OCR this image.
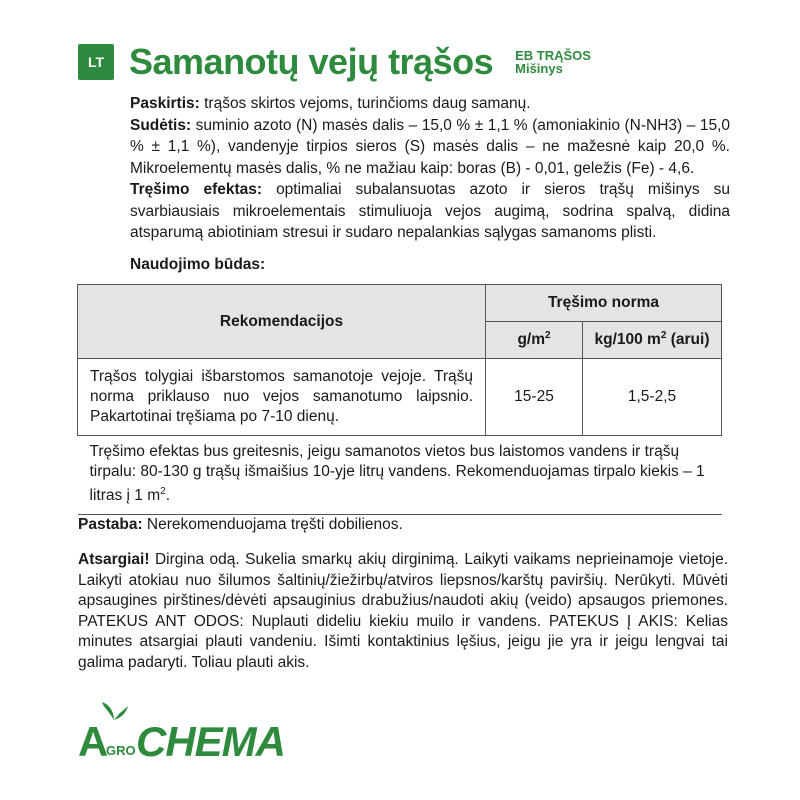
LT Samanotų vejų trąšos EB TRĄŠOS
Mišinys

Paskirtis: trąšos skirtos vejoms, turinčioms daug samanų.

Sudėtis: suminio azoto (N) masės dalis – 15,0 % ± 1,1 % (amoniakinio (N-NH3) – 15,0 % ± 1,1 %), vandenyje tirpios sieros (S) masės dalis – ne mažesnė kaip 20,0 %. Mikroelementų masės dalis, % ne mažiau kaip: boras (B) - 0,01, geležis (Fe) - 4,6.

Tręšimo efektas: optimaliai subalansuotas azoto ir sieros trąšų mišinys su svarbiausiais mikroelementais stimuliuoja vejos augimą, sodrina spalvą, didina atsparumą abiotiniam stresui ir sudaro nepalankias sąlygas samanoms plisti.

Naudojimo būdas:
Rekomendacijos	Tręšimo norma	
	$g/m^2$	kg/100 $m^2$ (arui)
Trąšos tolygiai išbarstomos samanotoje vejoje. Trąšų norma priklauso nuo vejos samanotumo laipsnio. Pakartotinai tręšiama po 7-10 dienų.	15-25	1,5-2,5
Tręšimo efektas bus greitesnis, jeigu samanotos vietos bus laistomos vandens ir trąšų tirpalu: 80-130 g trąšų išmaišius 10-yje litrų vandens. Rekomenduojamas tirpalo kiekis – 1 litras į 1 $m^2$.		
Pastaba: Nerekomenduojama tręšti dobilienos.
Atsargiai! Dirgina odą. Sukelia smarkų akių dirginimą. Laikyti vaikams neprieinamoje vietoje. Laikyti atokiau nuo šilumos šaltinių/žiežirbų/atviros liepsnos/karštų paviršių. Nerūkyti. Mūvėti apsaugines pirštines/dėvėti apsauginius drabužius/naudoti akių (veido) apsaugos priemones. PATEKUS ANT ODOS: Nuplauti dideliu kiekiu muilo ir vandens. PATEKUS Į AKIS: Kelias minutes atsargiai plauti vandeniu. Išimti kontaktinius lęšius, jeigu jie yra ir jeigu lengvai tai galima padaryti. Toliau plauti akis.
A
GRO CHEMA
